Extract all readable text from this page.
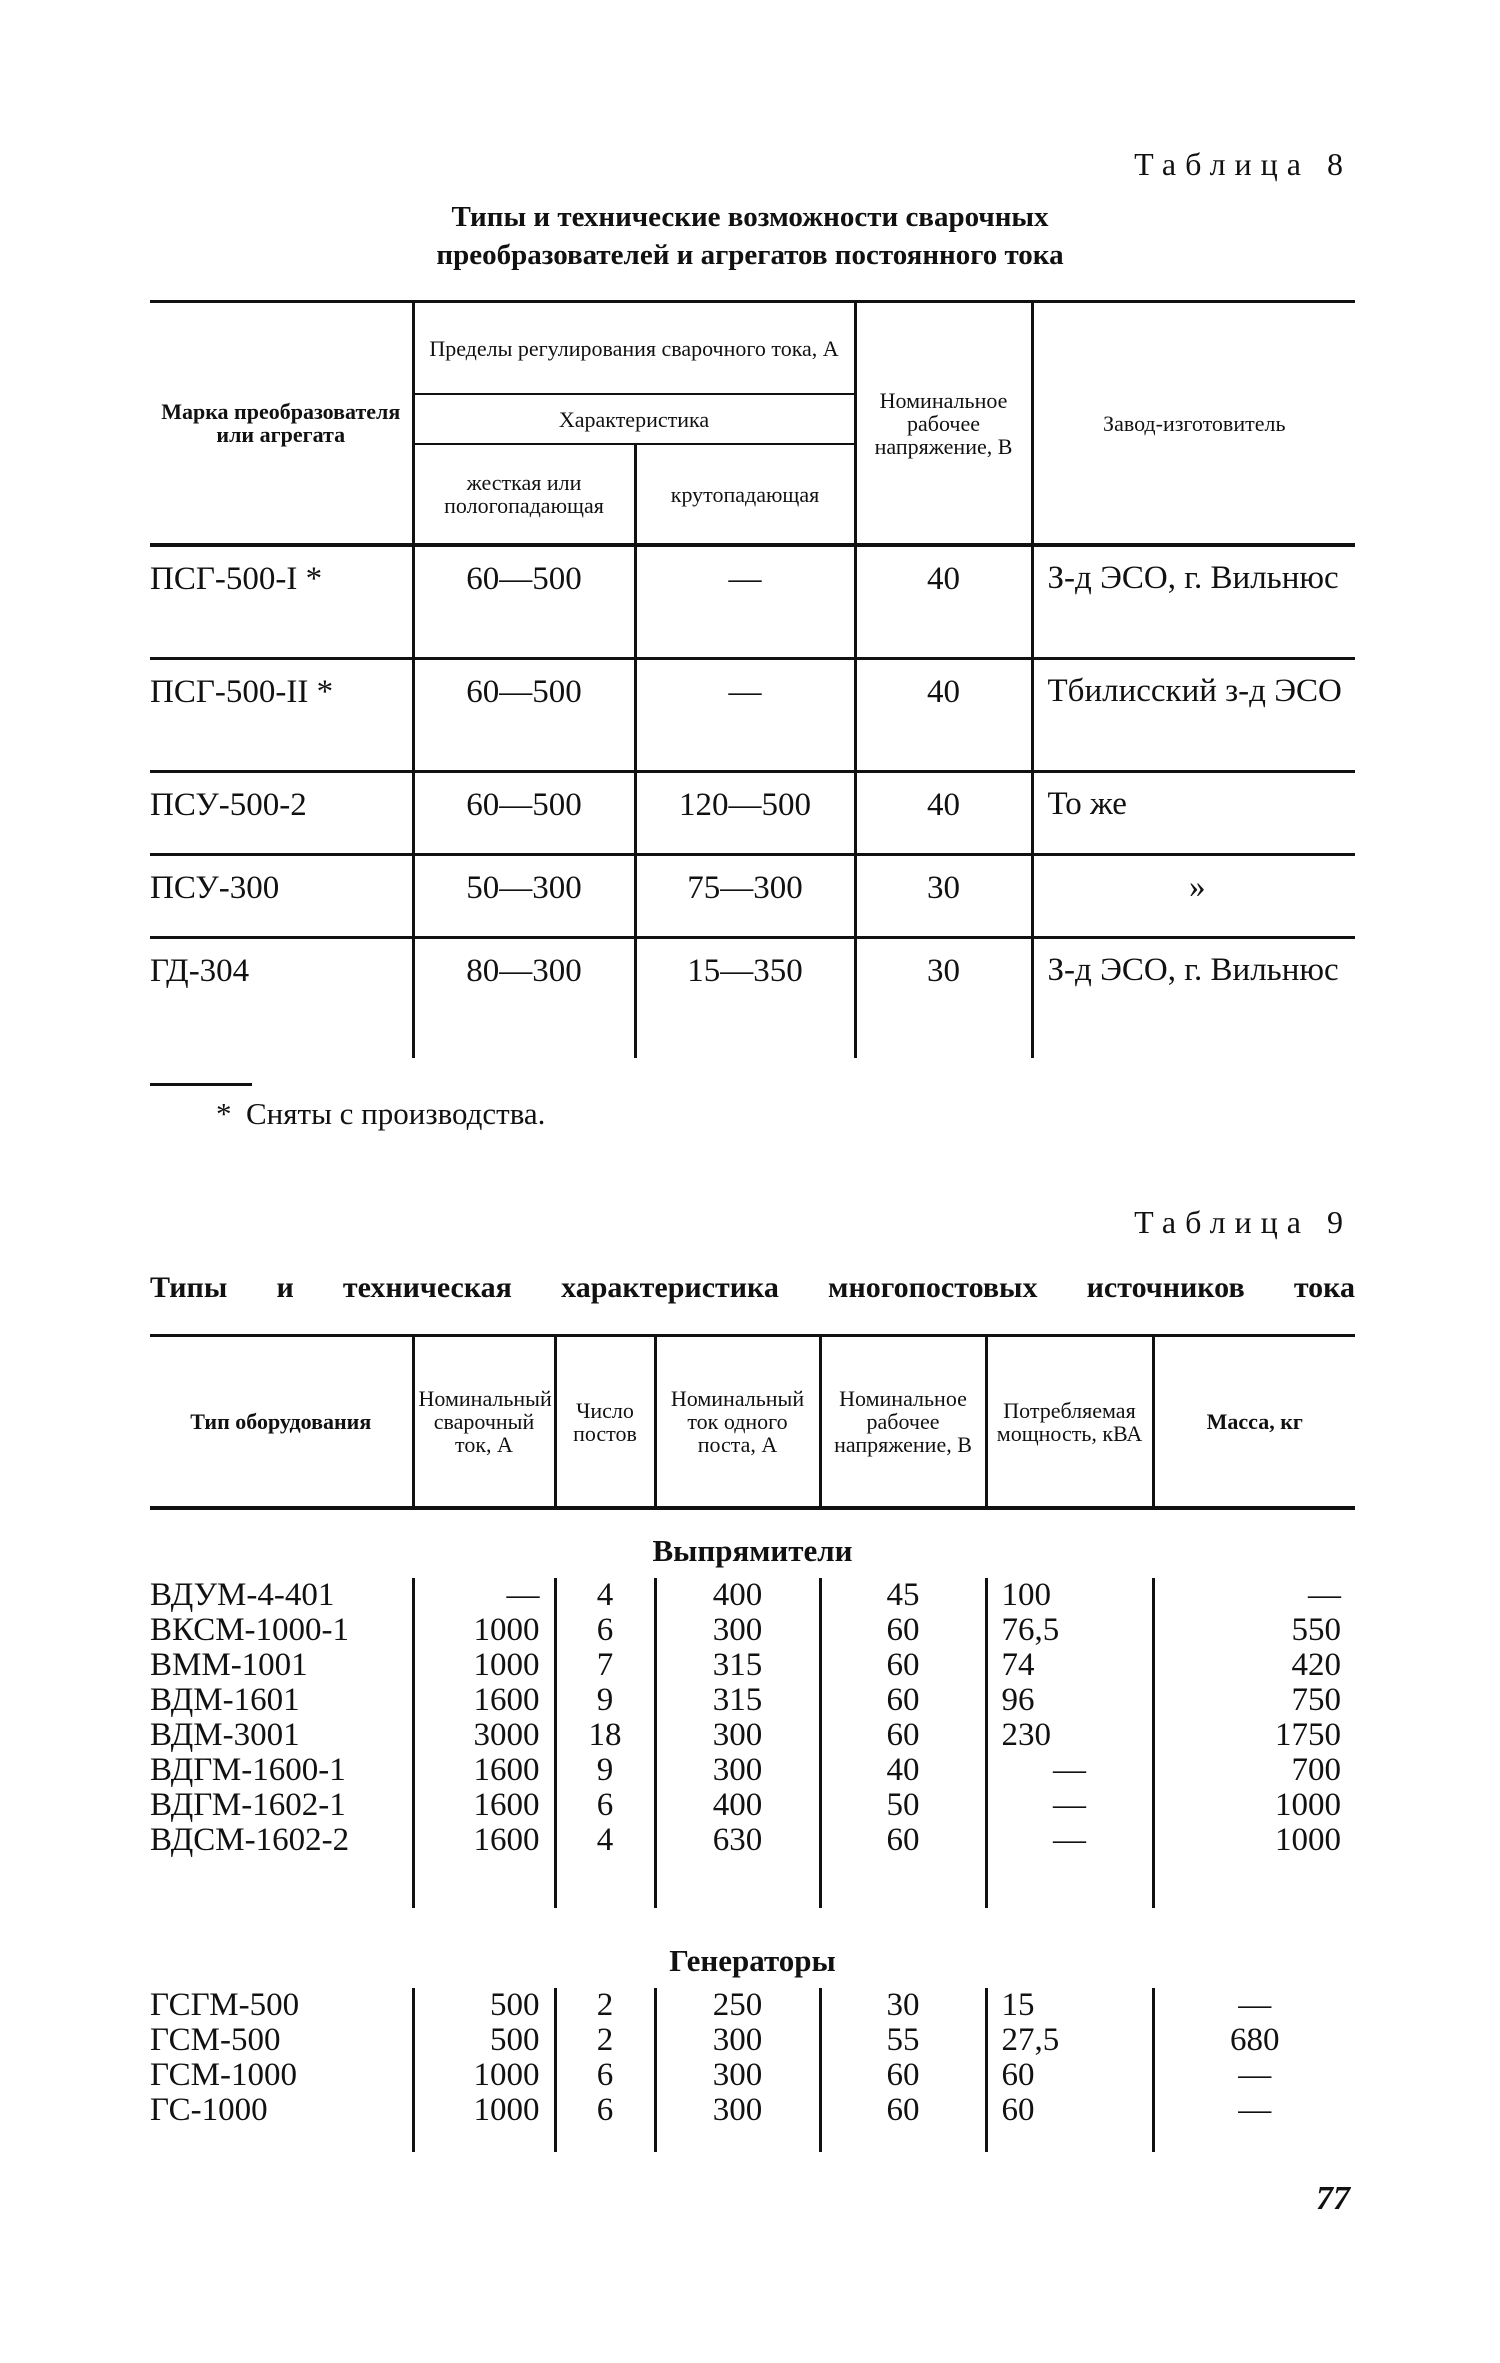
Таблица 8
Типы и технические возможности сварочных
преобразователей и агрегатов постоянного тока
Марка преобразователя или агрегата	Пределы регулирования сварочного тока, А		Номинальное рабочее напряжение, В	Завод-изготовитель
	Характеристика			
	жесткая или пологопадающая	крутопадающая		
ПСГ-500-I *	60—500	—	40	З-д ЭСО, г. Вильнюс
ПСГ-500-II *	60—500	—	40	Тбилисский з-д ЭСО
ПСУ-500-2	60—500	120—500	40	То же
ПСУ-300	50—300	75—300	30	»
ГД-304	80—300	15—350	30	З-д ЭСО, г. Вильнюс
* Сняты с производства.
Таблица 9
Типы и техническая характеристика многопостовых источников тока
Тип оборудования	Номинальный сварочный ток, А	Число постов	Номинальный ток одного поста, А	Номинальное рабочее напряжение, В	Потребляемая мощность, кВА	Масса, кг
Выпрямители						
ВДУМ-4-401	—	4	400	45	100	—
ВКСМ-1000-1	1000	6	300	60	76,5	550
ВММ-1001	1000	7	315	60	74	420
ВДМ-1601	1600	9	315	60	96	750
ВДМ-3001	3000	18	300	60	230	1750
ВДГМ-1600-1	1600	9	300	40	—	700
ВДГМ-1602-1	1600	6	400	50	—	1000
ВДСМ-1602-2	1600	4	630	60	—	1000

Генераторы						
ГСГМ-500	500	2	250	30	15	—
ГСМ-500	500	2	300	55	27,5	680
ГСМ-1000	1000	6	300	60	60	—
ГС-1000	1000	6	300	60	60	—

77
